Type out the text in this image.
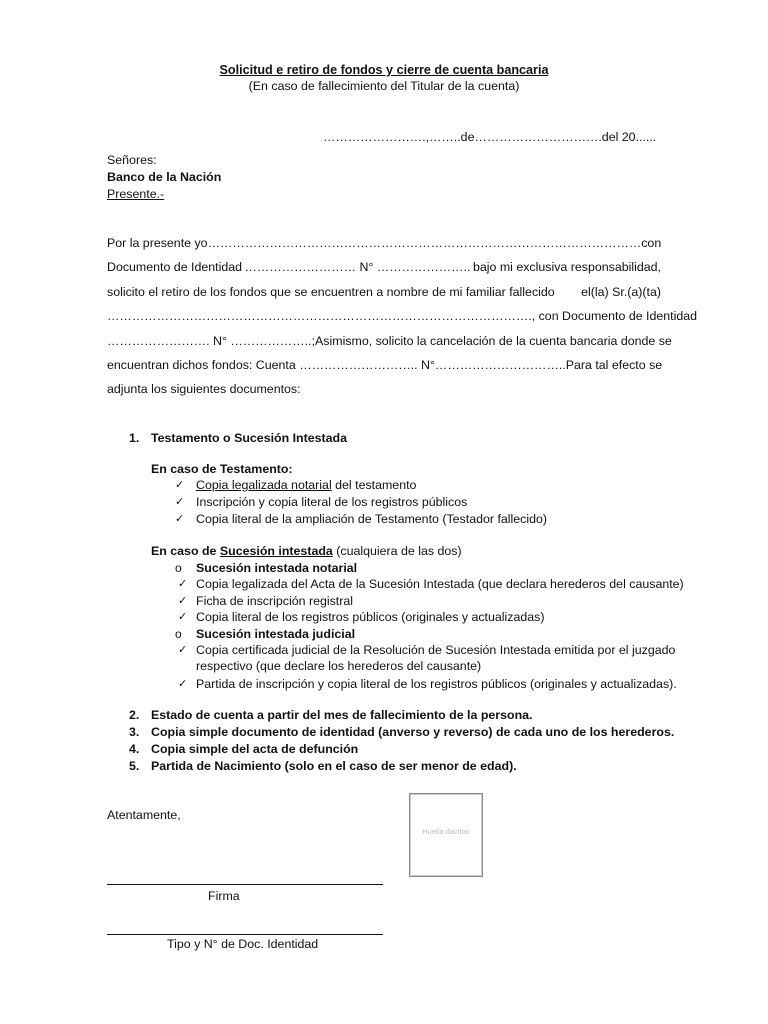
Solicitud e retiro de fondos y cierre de cuenta bancaria
(En caso de fallecimiento del Titular de la cuenta)
…………………….,……..de………………………….del 20......
Señores:
Banco de la Nación
Presente.-
Por la presente yo …………………………………………………………………………………………… con
Documento de Identidad ……………………… N° ………………….. bajo mi exclusiva responsabilidad,
solicito el retiro de los fondos que se encuentren a nombre de mi familiar fallecido el(la) Sr.(a)(ta)
…………………………………………………………………………………………., con Documento de Identidad
……………………. N° ………………..; Asimismo, solicito la cancelación de la cuenta bancaria donde se
encuentran dichos fondos: Cuenta ……………………….. N°…………………………..Para tal efecto se
adjunta los siguientes documentos:
1. Testamento o Sucesión Intestada
En caso de Testamento:
✓ Copia legalizada notarial del testamento
✓ Inscripción y copia literal de los registros públicos
✓ Copia literal de la ampliación de Testamento (Testador fallecido)
En caso de Sucesión intestada (cualquiera de las dos)
o Sucesión intestada notarial
✓ Copia legalizada del Acta de la Sucesión Intestada (que declara herederos del causante)
✓ Ficha de inscripción registral
✓ Copia literal de los registros públicos (originales y actualizadas)
o Sucesión intestada judicial
✓ Copia certificada judicial de la Resolución de Sucesión Intestada emitida por el juzgado
respectivo (que declare los herederos del causante)
✓ Partida de inscripción y copia literal de los registros públicos (originales y actualizadas).
2. Estado de cuenta a partir del mes de fallecimiento de la persona.
3. Copia simple documento de identidad (anverso y reverso) de cada uno de los herederos.
4. Copia simple del acta de defunción
5. Partida de Nacimiento (solo en el caso de ser menor de edad).
Atentamente,
Huella dactilar
Firma
Tipo y N° de Doc. Identidad
